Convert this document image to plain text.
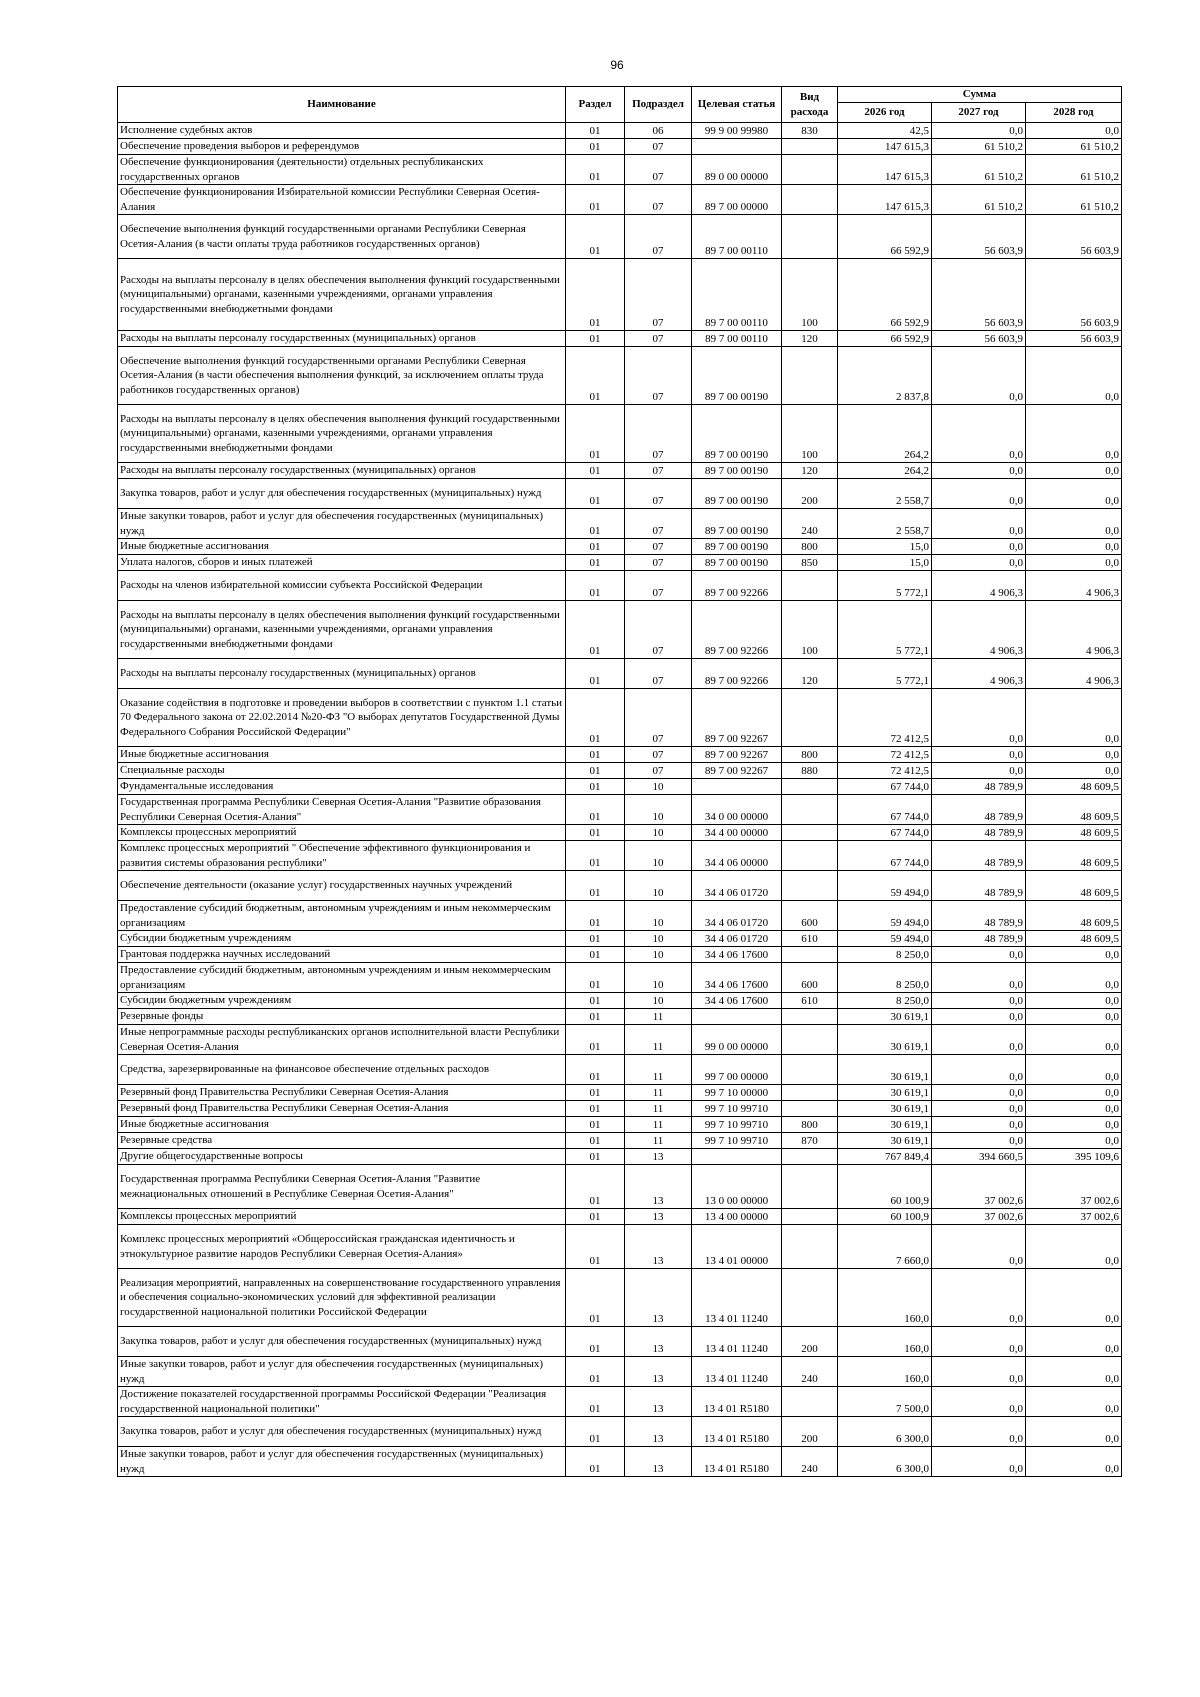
96
Наимнование	Раздел	Подраздел	Целевая статья	Вид расхода	Сумма		
					2026 год	2027 год	2028 год
Исполнение судебных актов	01	06	99 9 00 99980	830	42,5	0,0	0,0
Обеспечение проведения выборов и референдумов	01	07			147 615,3	61 510,2	61 510,2
Обеспечение функционирования (деятельности) отдельных республиканских государственных органов	01	07	89 0 00 00000		147 615,3	61 510,2	61 510,2
Обеспечение функционирования Избирательной комиссии Республики Северная Осетия-Алания	01	07	89 7 00 00000		147 615,3	61 510,2	61 510,2
Обеспечение выполнения функций государственными органами Республики Северная Осетия-Алания (в части оплаты труда работников государственных органов)	01	07	89 7 00 00110		66 592,9	56 603,9	56 603,9
Расходы на выплаты персоналу в целях обеспечения выполнения функций государственными (муниципальными) органами, казенными учреждениями, органами управления государственными внебюджетными фондами	01	07	89 7 00 00110	100	66 592,9	56 603,9	56 603,9
Расходы на выплаты персоналу государственных (муниципальных) органов	01	07	89 7 00 00110	120	66 592,9	56 603,9	56 603,9
Обеспечение выполнения функций государственными органами Республики Северная Осетия-Алания (в части обеспечения выполнения функций, за исключением оплаты труда работников государственных органов)	01	07	89 7 00 00190		2 837,8	0,0	0,0
Расходы на выплаты персоналу в целях обеспечения выполнения функций государственными (муниципальными) органами, казенными учреждениями, органами управления государственными внебюджетными фондами	01	07	89 7 00 00190	100	264,2	0,0	0,0
Расходы на выплаты персоналу государственных (муниципальных) органов	01	07	89 7 00 00190	120	264,2	0,0	0,0
Закупка товаров, работ и услуг для обеспечения государственных (муниципальных) нужд	01	07	89 7 00 00190	200	2 558,7	0,0	0,0
Иные закупки товаров, работ и услуг для обеспечения государственных (муниципальных) нужд	01	07	89 7 00 00190	240	2 558,7	0,0	0,0
Иные бюджетные ассигнования	01	07	89 7 00 00190	800	15,0	0,0	0,0
Уплата налогов, сборов и иных платежей	01	07	89 7 00 00190	850	15,0	0,0	0,0
Расходы на членов избирательной комиссии субъекта Российской Федерации	01	07	89 7 00 92266		5 772,1	4 906,3	4 906,3
Расходы на выплаты персоналу в целях обеспечения выполнения функций государственными (муниципальными) органами, казенными учреждениями, органами управления государственными внебюджетными фондами	01	07	89 7 00 92266	100	5 772,1	4 906,3	4 906,3
Расходы на выплаты персоналу государственных (муниципальных) органов	01	07	89 7 00 92266	120	5 772,1	4 906,3	4 906,3
Оказание содействия в подготовке и проведении выборов в соответствии с пунктом 1.1 статьи 70 Федерального закона от 22.02.2014 №20-ФЗ "О выборах депутатов Государственной Думы Федерального Собрания Российской Федерации"	01	07	89 7 00 92267		72 412,5	0,0	0,0
Иные бюджетные ассигнования	01	07	89 7 00 92267	800	72 412,5	0,0	0,0
Специальные расходы	01	07	89 7 00 92267	880	72 412,5	0,0	0,0
Фундаментальные исследования	01	10			67 744,0	48 789,9	48 609,5
Государственная программа Республики Северная Осетия-Алания "Развитие образования Республики Северная Осетия-Алания"	01	10	34 0 00 00000		67 744,0	48 789,9	48 609,5
Комплексы процессных мероприятий	01	10	34 4 00 00000		67 744,0	48 789,9	48 609,5
Комплекс процессных мероприятий " Обеспечение эффективного функционирования и развития системы образования республики"	01	10	34 4 06 00000		67 744,0	48 789,9	48 609,5
Обеспечение деятельности (оказание услуг) государственных научных учреждений	01	10	34 4 06 01720		59 494,0	48 789,9	48 609,5
Предоставление субсидий бюджетным, автономным учреждениям и иным некоммерческим организациям	01	10	34 4 06 01720	600	59 494,0	48 789,9	48 609,5
Субсидии бюджетным учреждениям	01	10	34 4 06 01720	610	59 494,0	48 789,9	48 609,5
Грантовая поддержка научных исследований	01	10	34 4 06 17600		8 250,0	0,0	0,0
Предоставление субсидий бюджетным, автономным учреждениям и иным некоммерческим организациям	01	10	34 4 06 17600	600	8 250,0	0,0	0,0
Субсидии бюджетным учреждениям	01	10	34 4 06 17600	610	8 250,0	0,0	0,0
Резервные фонды	01	11			30 619,1	0,0	0,0
Иные непрограммные расходы республиканских органов исполнительной власти Республики Северная Осетия-Алания	01	11	99 0 00 00000		30 619,1	0,0	0,0
Средства, зарезервированные на финансовое обеспечение отдельных расходов	01	11	99 7 00 00000		30 619,1	0,0	0,0
Резервный фонд Правительства Республики Северная Осетия-Алания	01	11	99 7 10 00000		30 619,1	0,0	0,0
Резервный фонд Правительства Республики Северная Осетия-Алания	01	11	99 7 10 99710		30 619,1	0,0	0,0
Иные бюджетные ассигнования	01	11	99 7 10 99710	800	30 619,1	0,0	0,0
Резервные средства	01	11	99 7 10 99710	870	30 619,1	0,0	0,0
Другие общегосударственные вопросы	01	13			767 849,4	394 660,5	395 109,6
Государственная программа Республики Северная Осетия-Алания "Развитие межнациональных отношений в Республике Северная Осетия-Алания"	01	13	13 0 00 00000		60 100,9	37 002,6	37 002,6
Комплексы процессных мероприятий	01	13	13 4 00 00000		60 100,9	37 002,6	37 002,6
Комплекс процессных мероприятий «Общероссийская гражданская идентичность и этнокультурное развитие народов Республики Северная Осетия-Алания»	01	13	13 4 01 00000		7 660,0	0,0	0,0
Реализация мероприятий, направленных на совершенствование государственного управления и обеспечения социально-экономических условий для эффективной реализации государственной национальной политики Российской Федерации	01	13	13 4 01 11240		160,0	0,0	0,0
Закупка товаров, работ и услуг для обеспечения государственных (муниципальных) нужд	01	13	13 4 01 11240	200	160,0	0,0	0,0
Иные закупки товаров, работ и услуг для обеспечения государственных (муниципальных) нужд	01	13	13 4 01 11240	240	160,0	0,0	0,0
Достижение показателей государственной программы Российской Федерации "Реализация государственной национальной политики"	01	13	13 4 01 R5180		7 500,0	0,0	0,0
Закупка товаров, работ и услуг для обеспечения государственных (муниципальных) нужд	01	13	13 4 01 R5180	200	6 300,0	0,0	0,0
Иные закупки товаров, работ и услуг для обеспечения государственных (муниципальных) нужд	01	13	13 4 01 R5180	240	6 300,0	0,0	0,0
